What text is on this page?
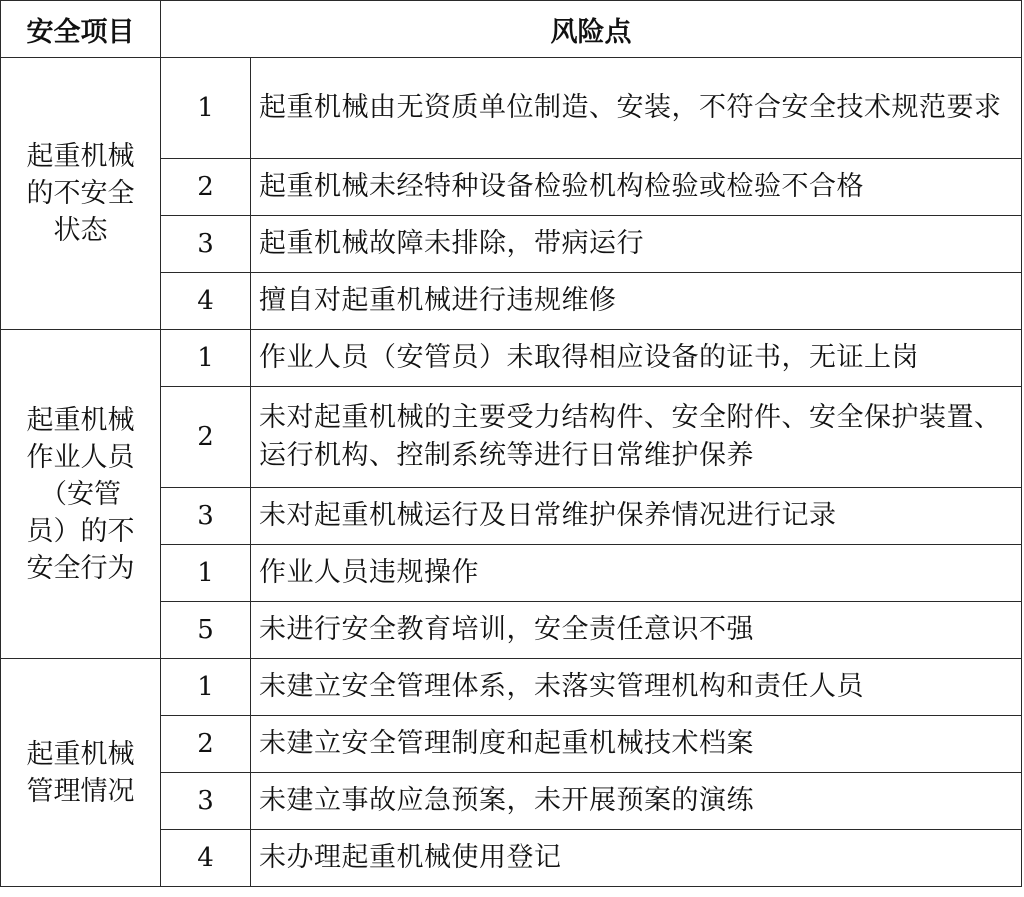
安全项目	风险点	
起重机械的不安全状态	1	起重机械由无资质单位制造、安装，不符合安全技术规范要求
	2	起重机械未经特种设备检验机构检验或检验不合格
	3	起重机械故障未排除，带病运行
	4	擅自对起重机械进行违规维修
起重机械作业人员（安管员）的不安全行为	1	作业人员（安管员）未取得相应设备的证书，无证上岗
	2	未对起重机械的主要受力结构件、安全附件、安全保护装置、运行机构、控制系统等进行日常维护保养
	3	未对起重机械运行及日常维护保养情况进行记录
	1	作业人员违规操作
	5	未进行安全教育培训，安全责任意识不强
起重机械管理情况	1	未建立安全管理体系，未落实管理机构和责任人员
	2	未建立安全管理制度和起重机械技术档案
	3	未建立事故应急预案，未开展预案的演练
	4	未办理起重机械使用登记
